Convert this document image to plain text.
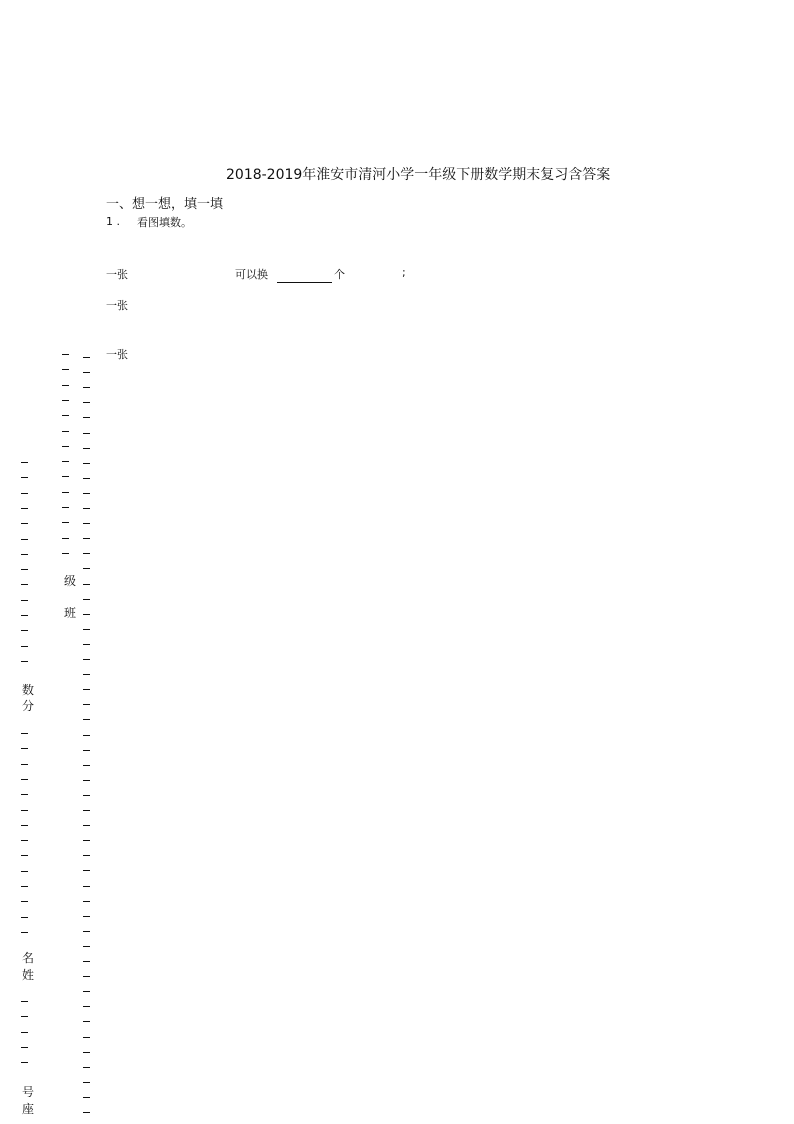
2018-2019年淮安市清河小学一年级下册数学期末复习含答案
一、想一想，填一填
1 . 看图填数。
一张	可以换	个	;
一张
一张
级
班
数
分
名
姓
号
座
